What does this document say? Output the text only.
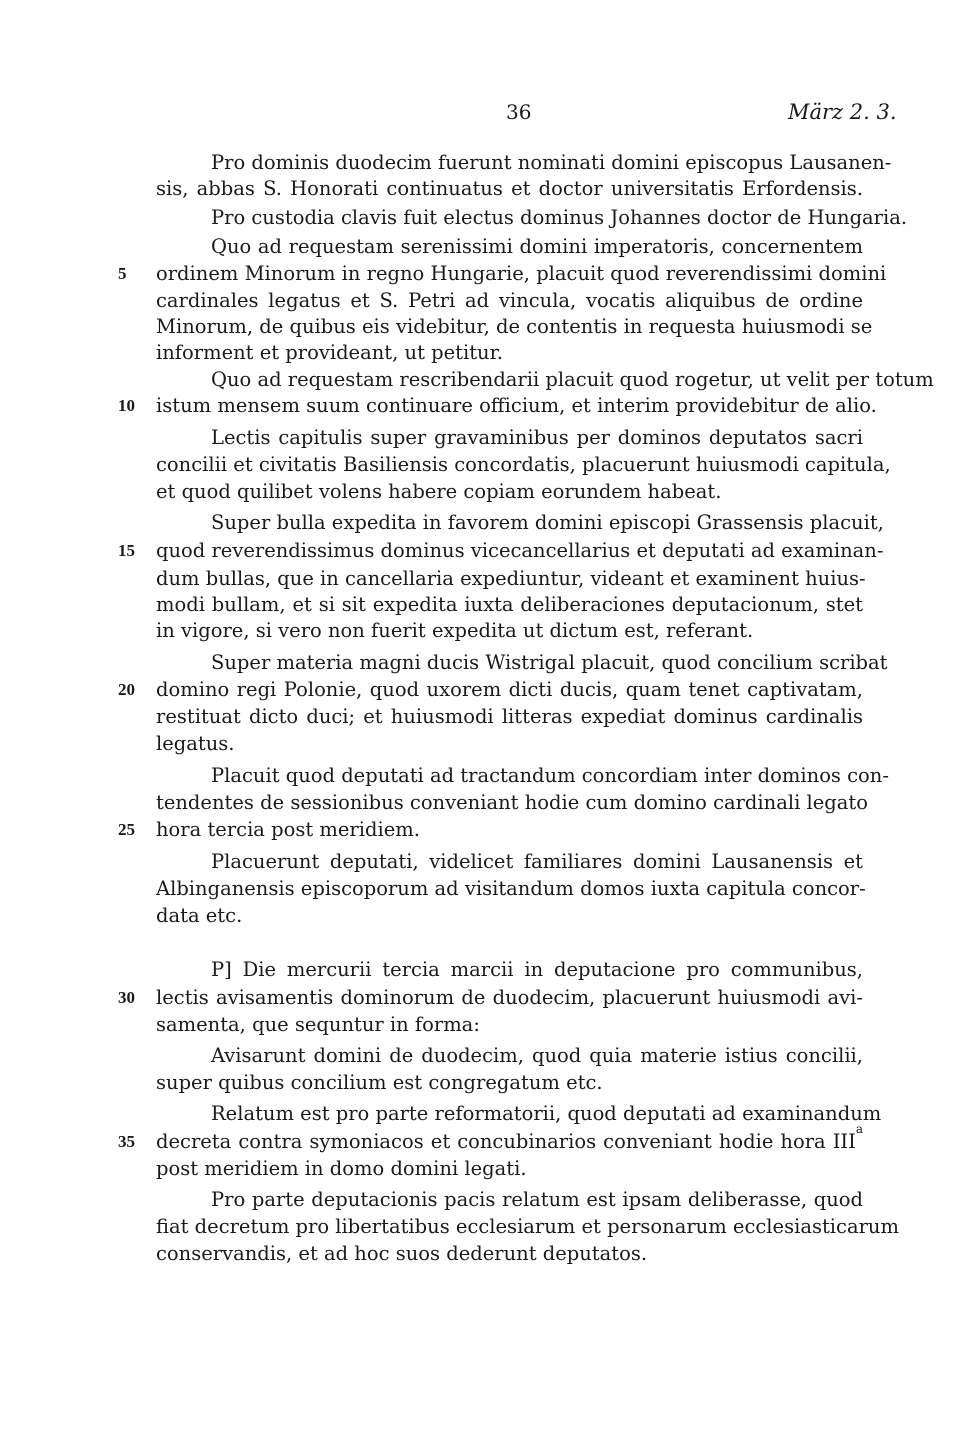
36	März 2. 3.
Pro dominis duodecim fuerunt nominati domini episcopus Lausanen-
sis, abbas S. Honorati continuatus et doctor universitatis Erfordensis.
Pro custodia clavis fuit electus dominus Johannes doctor de Hungaria.
Quo ad requestam serenissimi domini imperatoris, concernentem
5	ordinem Minorum in regno Hungarie, placuit quod reverendissimi domini
cardinales legatus et S. Petri ad vincula, vocatis aliquibus de ordine
Minorum, de quibus eis videbitur, de contentis in requesta huiusmodi se
informent et provideant, ut petitur.
Quo ad requestam rescribendarii placuit quod rogetur, ut velit per totum
10	istum mensem suum continuare officium, et interim providebitur de alio.
Lectis capitulis super gravaminibus per dominos deputatos sacri
concilii et civitatis Basiliensis concordatis, placuerunt huiusmodi capitula,
et quod quilibet volens habere copiam eorundem habeat.
Super bulla expedita in favorem domini episcopi Grassensis placuit,
15	quod reverendissimus dominus vicecancellarius et deputati ad examinan-
dum bullas, que in cancellaria expediuntur, videant et examinent huius-
modi bullam, et si sit expedita iuxta deliberaciones deputacionum, stet
in vigore, si vero non fuerit expedita ut dictum est, referant.
Super materia magni ducis Wistrigal placuit, quod concilium scribat
20	domino regi Polonie, quod uxorem dicti ducis, quam tenet captivatam,
restituat dicto duci; et huiusmodi litteras expediat dominus cardinalis
legatus.
Placuit quod deputati ad tractandum concordiam inter dominos con-
tendentes de sessionibus conveniant hodie cum domino cardinali legato
25	hora tercia post meridiem.
Placuerunt deputati, videlicet familiares domini Lausanensis et
Albinganensis episcoporum ad visitandum domos iuxta capitula concor-
data etc.
P] Die mercurii tercia marcii in deputacione pro communibus,
30	lectis avisamentis dominorum de duodecim, placuerunt huiusmodi avi-
samenta, que sequntur in forma:
Avisarunt domini de duodecim, quod quia materie istius concilii,
super quibus concilium est congregatum etc.
Relatum est pro parte reformatorii, quod deputati ad examinandum
35	decreta contra symoniacos et concubinarios conveniant hodie hora III
a
post meridiem in domo domini legati.
Pro parte deputacionis pacis relatum est ipsam deliberasse, quod
fiat decretum pro libertatibus ecclesiarum et personarum ecclesiasticarum
conservandis, et ad hoc suos dederunt deputatos.
